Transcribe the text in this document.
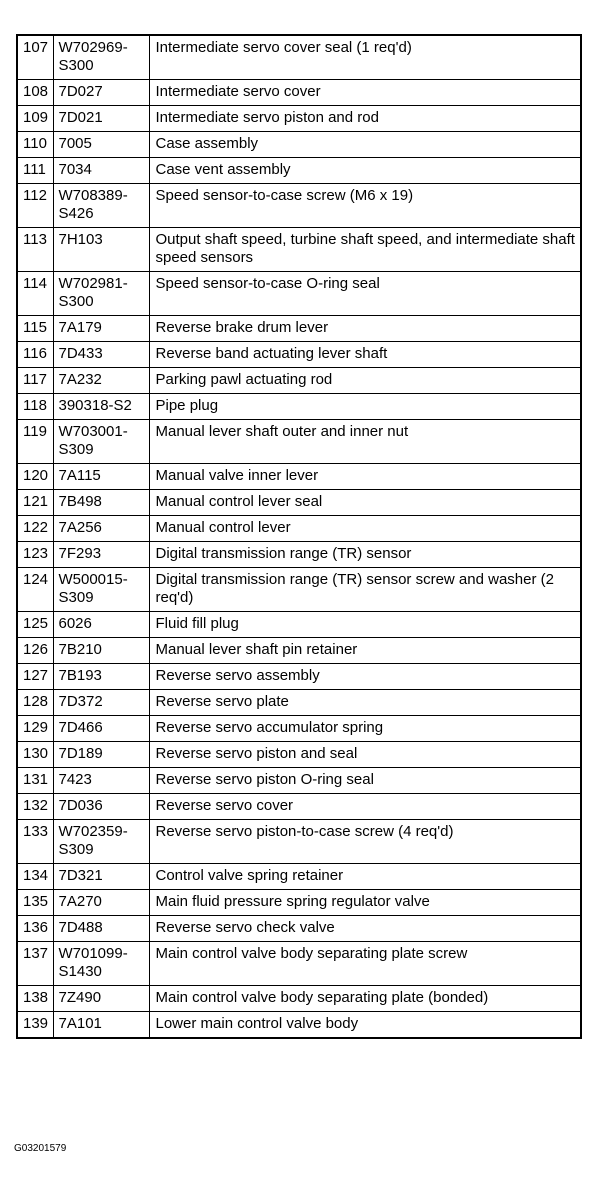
107	W702969-
S300	Intermediate servo cover seal (1 req'd)
108	7D027	Intermediate servo cover
109	7D021	Intermediate servo piston and rod
110	7005	Case assembly
111	7034	Case vent assembly
112	W708389-
S426	Speed sensor-to-case screw (M6 x 19)
113	7H103	Output shaft speed, turbine shaft speed, and intermediate shaft speed sensors
114	W702981-
S300	Speed sensor-to-case O-ring seal
115	7A179	Reverse brake drum lever
116	7D433	Reverse band actuating lever shaft
117	7A232	Parking pawl actuating rod
118	390318-S2	Pipe plug
119	W703001-
S309	Manual lever shaft outer and inner nut
120	7A115	Manual valve inner lever
121	7B498	Manual control lever seal
122	7A256	Manual control lever
123	7F293	Digital transmission range (TR) sensor
124	W500015-
S309	Digital transmission range (TR) sensor screw and washer (2 req'd)
125	6026	Fluid fill plug
126	7B210	Manual lever shaft pin retainer
127	7B193	Reverse servo assembly
128	7D372	Reverse servo plate
129	7D466	Reverse servo accumulator spring
130	7D189	Reverse servo piston and seal
131	7423	Reverse servo piston O-ring seal
132	7D036	Reverse servo cover
133	W702359-
S309	Reverse servo piston-to-case screw (4 req'd)
134	7D321	Control valve spring retainer
135	7A270	Main fluid pressure spring regulator valve
136	7D488	Reverse servo check valve
137	W701099-
S1430	Main control valve body separating plate screw
138	7Z490	Main control valve body separating plate (bonded)
139	7A101	Lower main control valve body
G03201579
